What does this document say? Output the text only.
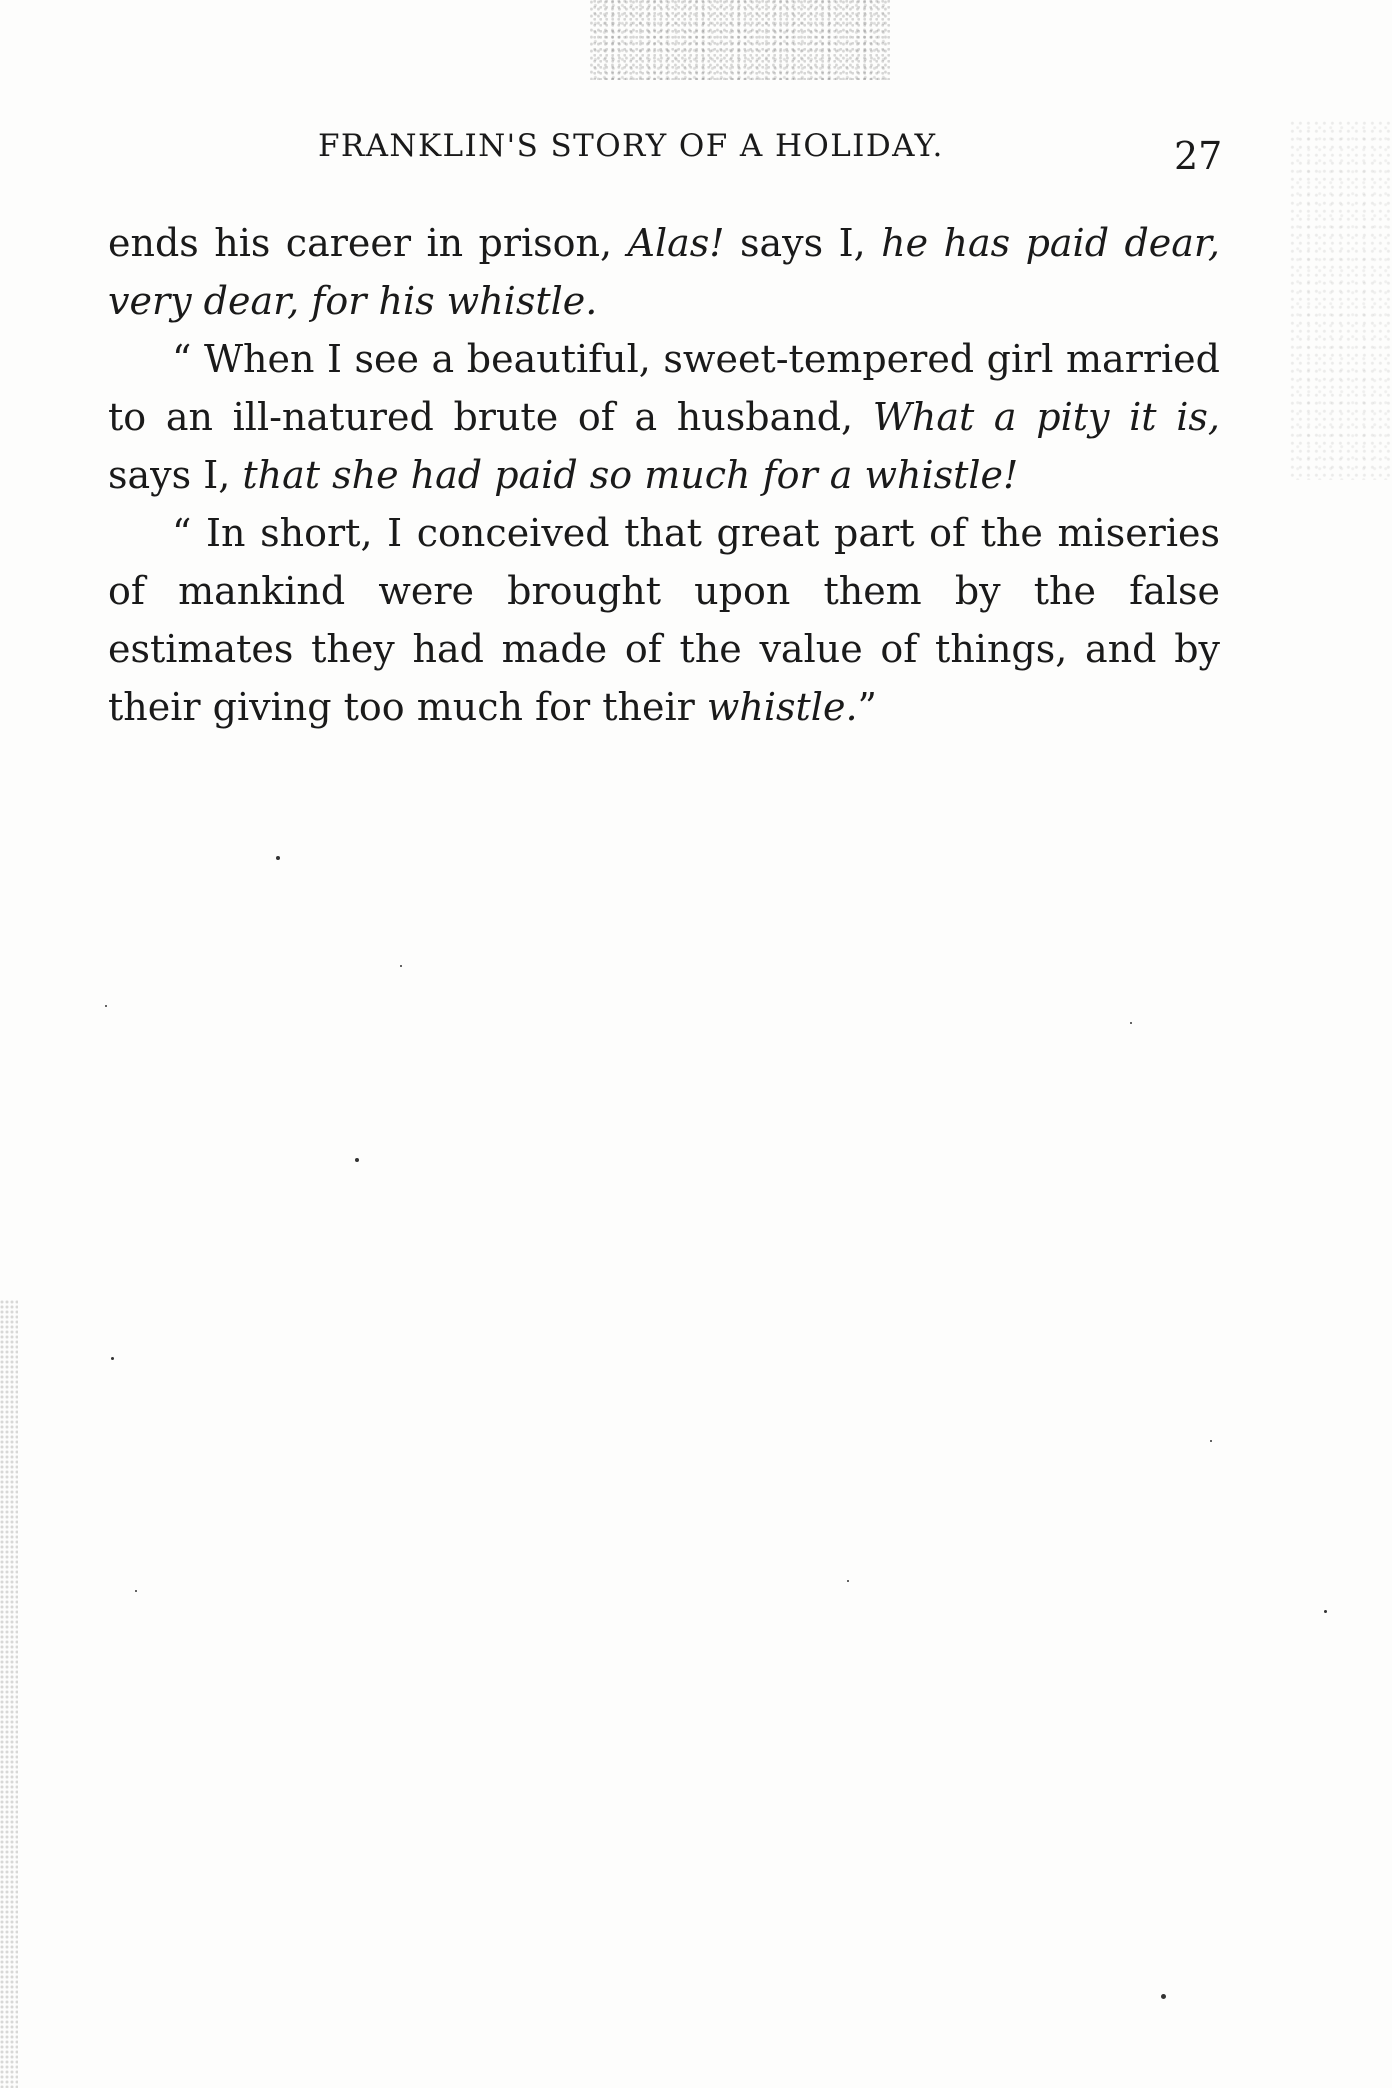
FRANKLIN'S STORY OF A HOLIDAY.	27

ends his career in prison, Alas! says I, he has paid dear, very dear, for his whistle.

“ When I see a beautiful, sweet-tempered girl married to an ill-natured brute of a husband, What a pity it is, says I, that she had paid so much for a whistle!

“ In short, I conceived that great part of the miseries of mankind were brought upon them by the false estimates they had made of the value of things, and by their giving too much for their whistle.”
